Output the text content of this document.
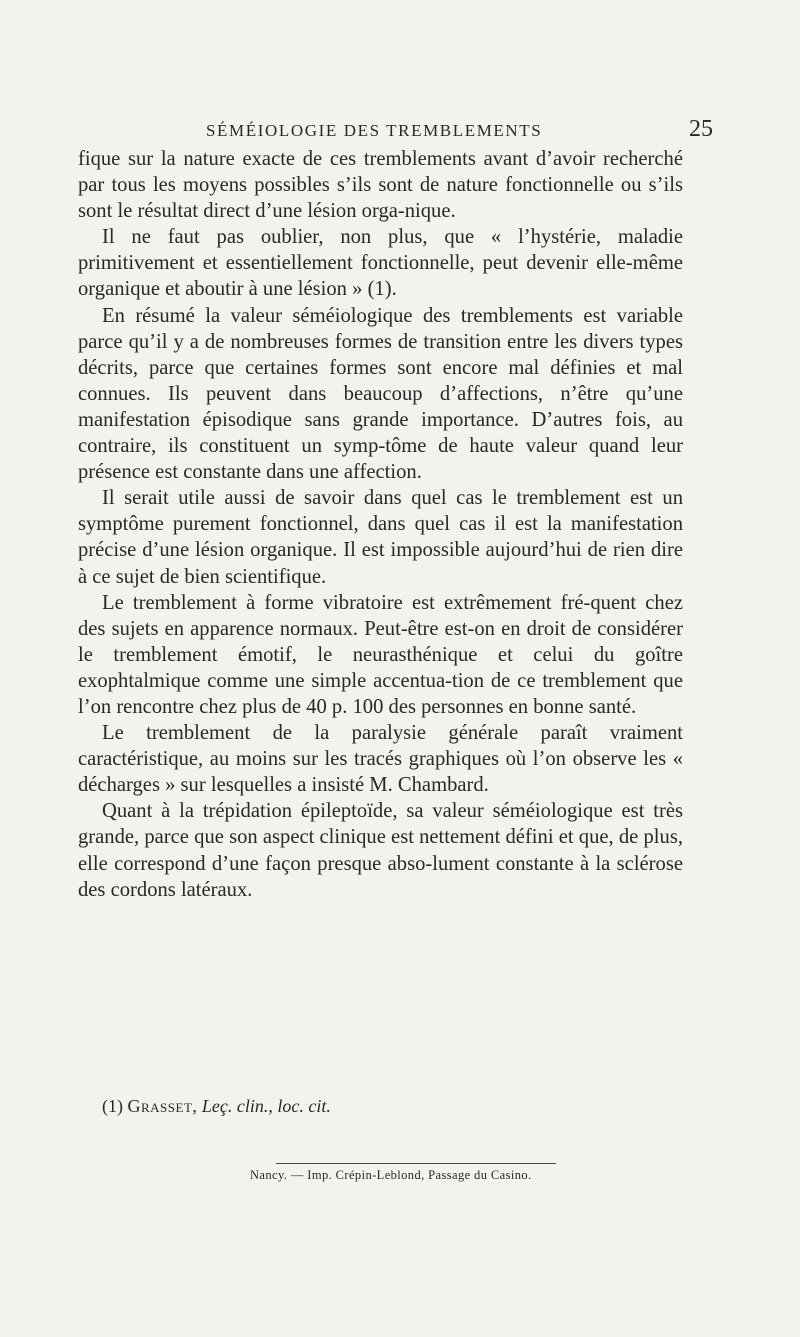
SÉMÉIOLOGIE DES TREMBLEMENTS	25

fique sur la nature exacte de ces tremblements avant d’avoir recherché par tous les moyens possibles s’ils sont de nature fonctionnelle ou s’ils sont le résultat direct d’une lésion orga-nique.

Il ne faut pas oublier, non plus, que « l’hystérie, maladie primitivement et essentiellement fonctionnelle, peut devenir elle-même organique et aboutir à une lésion » (1).

En résumé la valeur séméiologique des tremblements est variable parce qu’il y a de nombreuses formes de transition entre les divers types décrits, parce que certaines formes sont encore mal définies et mal connues. Ils peuvent dans beaucoup d’affections, n’être qu’une manifestation épisodique sans grande importance. D’autres fois, au contraire, ils constituent un symp-tôme de haute valeur quand leur présence est constante dans une affection.

Il serait utile aussi de savoir dans quel cas le tremblement est un symptôme purement fonctionnel, dans quel cas il est la manifestation précise d’une lésion organique. Il est impossible aujourd’hui de rien dire à ce sujet de bien scientifique.

Le tremblement à forme vibratoire est extrêmement fré-quent chez des sujets en apparence normaux. Peut-être est-on en droit de considérer le tremblement émotif, le neurasthénique et celui du goître exophtalmique comme une simple accentua-tion de ce tremblement que l’on rencontre chez plus de 40 p. 100 des personnes en bonne santé.

Le tremblement de la paralysie générale paraît vraiment caractéristique, au moins sur les tracés graphiques où l’on observe les « décharges » sur lesquelles a insisté M. Chambard.

Quant à la trépidation épileptoïde, sa valeur séméiologique est très grande, parce que son aspect clinique est nettement défini et que, de plus, elle correspond d’une façon presque abso-lument constante à la sclérose des cordons latéraux.

(1) Grasset, Leç. clin., loc. cit.
Nancy. — Imp. Crépin-Leblond, Passage du Casino.
